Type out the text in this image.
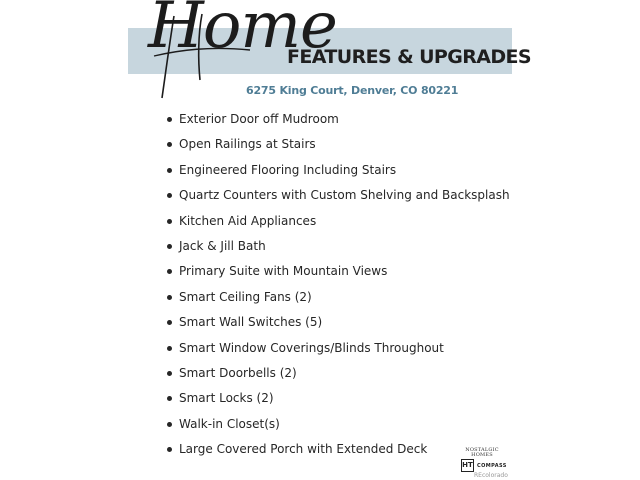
Home
FEATURES & UPGRADES
6275 King Court, Denver, CO 80221
Exterior Door off Mudroom
Open Railings at Stairs
Engineered Flooring Including Stairs
Quartz Counters with Custom Shelving and Backsplash
Kitchen Aid Appliances
Jack & Jill Bath
Primary Suite with Mountain Views
Smart Ceiling Fans (2)
Smart Wall Switches (5)
Smart Window Coverings/Blinds Throughout
Smart Doorbells (2)
Smart Locks (2)
Walk-in Closet(s)
Large Covered Porch with Extended Deck	NOSTALGIC
HOMES
HT COMPASS
REcolorado
